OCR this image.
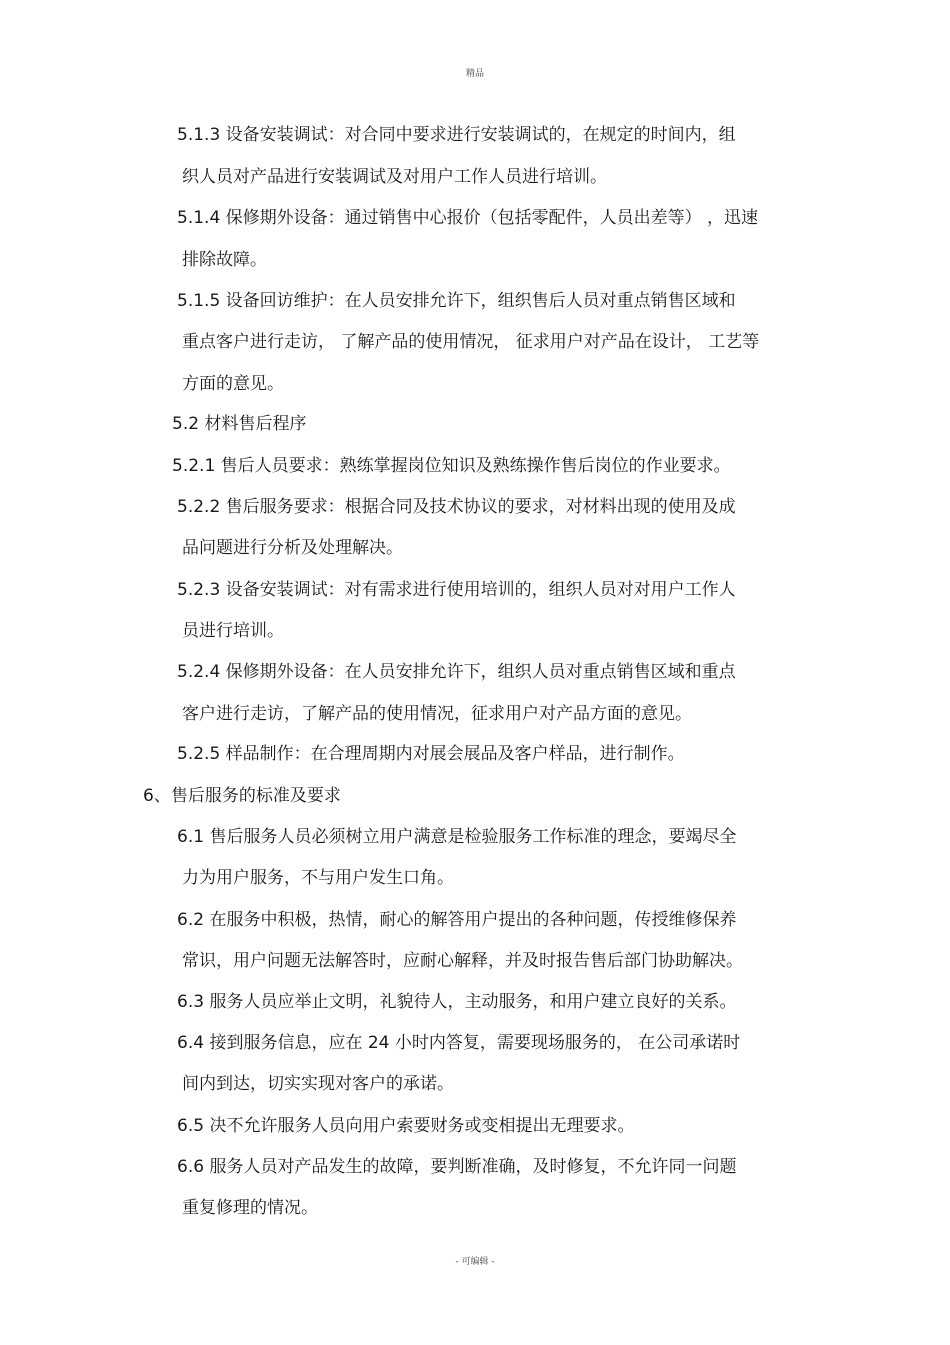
精品
5.1.3 设备安装调试：对合同中要求进行安装调试的，在规定的时间内，组
织人员对产品进行安装调试及对用户工作人员进行培训。
5.1.4 保修期外设备：通过销售中心报价（包括零配件，人员出差等） ，迅速
排除故障。
5.1.5 设备回访维护：在人员安排允许下，组织售后人员对重点销售区域和
重点客户进行走访， 了解产品的使用情况， 征求用户对产品在设计， 工艺等
方面的意见。
5.2 材料售后程序
5.2.1 售后人员要求：熟练掌握岗位知识及熟练操作售后岗位的作业要求。
5.2.2 售后服务要求：根据合同及技术协议的要求，对材料出现的使用及成
品问题进行分析及处理解决。
5.2.3 设备安装调试：对有需求进行使用培训的，组织人员对对用户工作人
员进行培训。
5.2.4 保修期外设备：在人员安排允许下，组织人员对重点销售区域和重点
客户进行走访，了解产品的使用情况，征求用户对产品方面的意见。
5.2.5 样品制作：在合理周期内对展会展品及客户样品，进行制作。
6、售后服务的标准及要求
6.1 售后服务人员必须树立用户满意是检验服务工作标准的理念，要竭尽全
力为用户服务，不与用户发生口角。
6.2 在服务中积极，热情，耐心的解答用户提出的各种问题，传授维修保养
常识，用户问题无法解答时，应耐心解释，并及时报告售后部门协助解决。
6.3 服务人员应举止文明，礼貌待人，主动服务，和用户建立良好的关系。
6.4 接到服务信息，应在 24 小时内答复，需要现场服务的， 在公司承诺时
间内到达，切实实现对客户的承诺。
6.5 决不允许服务人员向用户索要财务或变相提出无理要求。
6.6 服务人员对产品发生的故障，要判断准确，及时修复，不允许同一问题
重复修理的情况。
- 可编辑 -
